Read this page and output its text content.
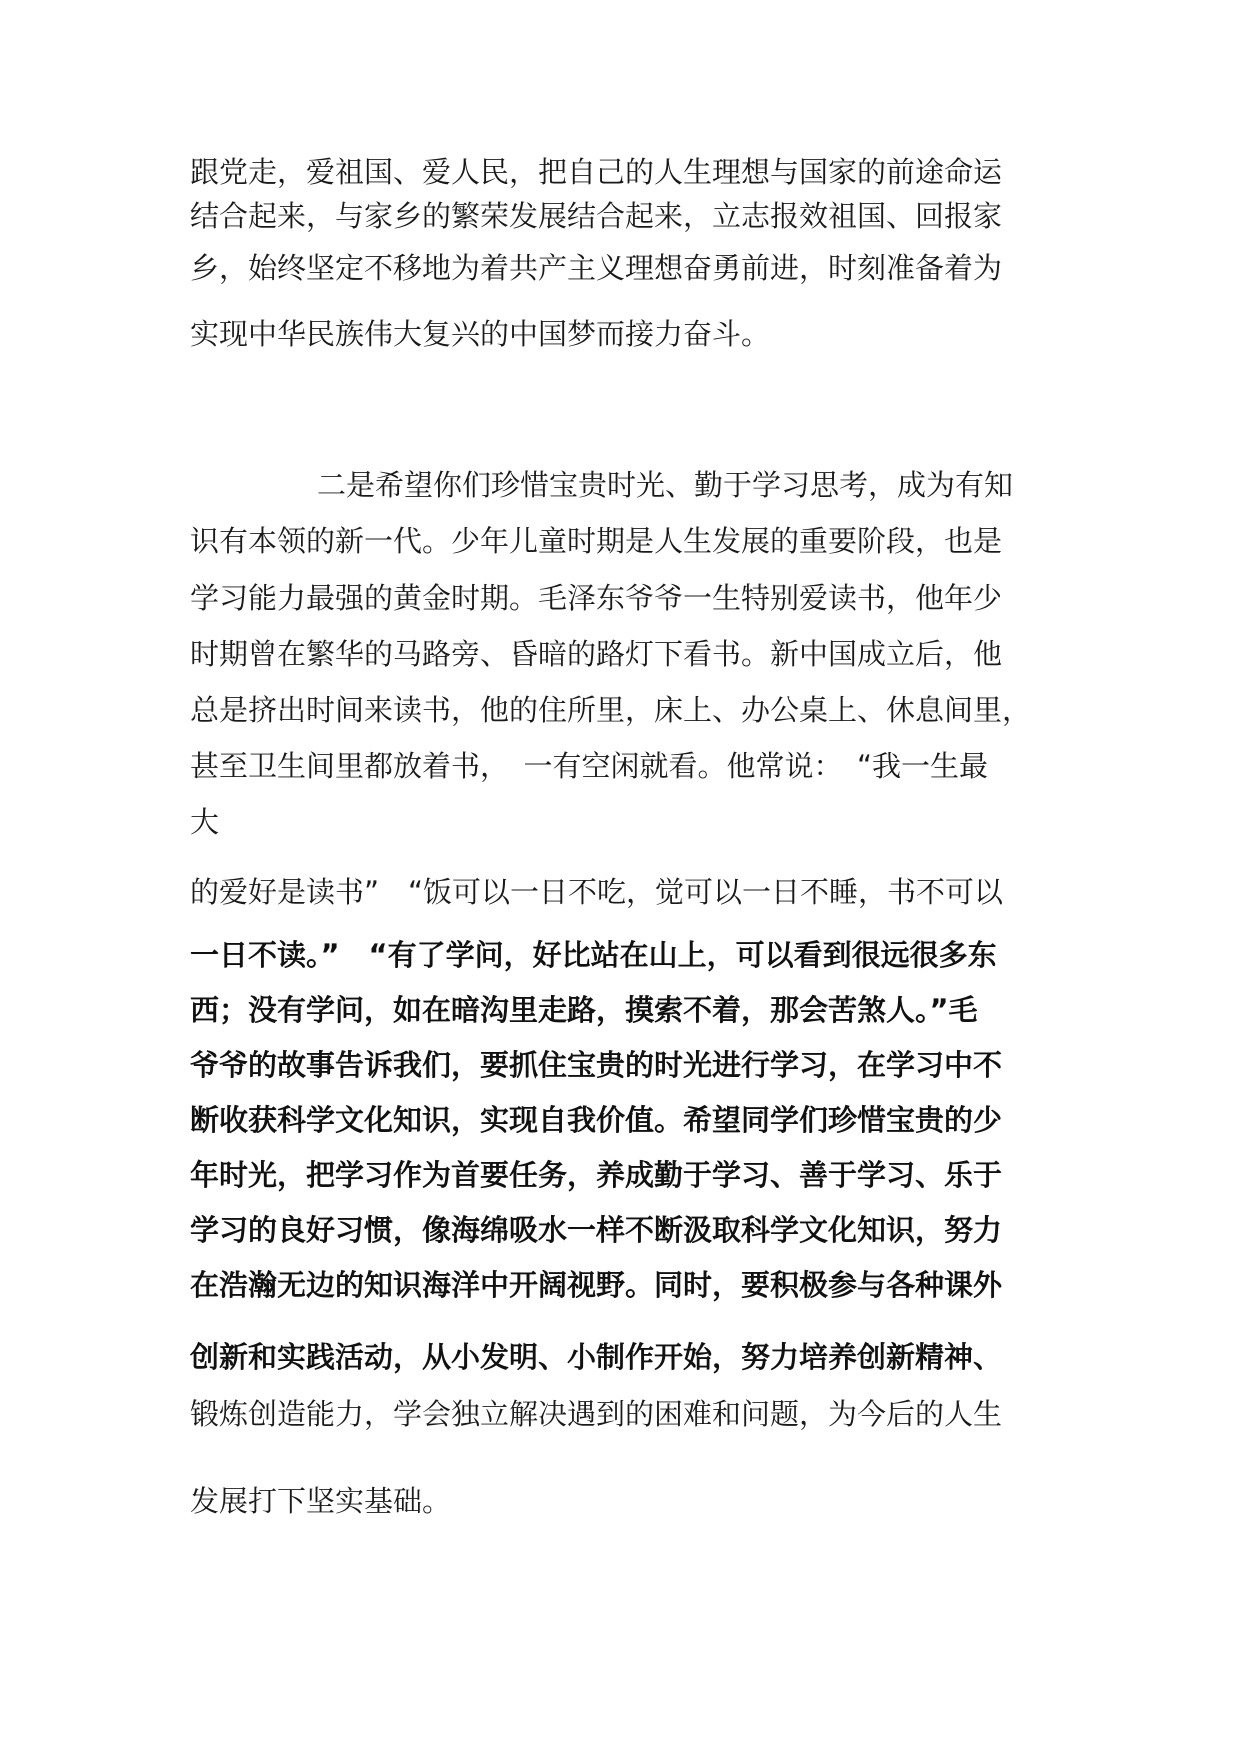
跟党走，爱祖国、爱人民，把自己的人生理想与国家的前途命运
结合起来，与家乡的繁荣发展结合起来，立志报效祖国、回报家
乡，始终坚定不移地为着共产主义理想奋勇前进，时刻准备着为
实现中华民族伟大复兴的中国梦而接力奋斗。
二是希望你们珍惜宝贵时光、勤于学习思考，成为有知
识有本领的新一代。少年儿童时期是人生发展的重要阶段，也是
学习能力最强的黄金时期。毛泽东爷爷一生特别爱读书，他年少
时期曾在繁华的马路旁、昏暗的路灯下看书。新中国成立后，他
总是挤出时间来读书，他的住所里，床上、办公桌上、休息间里，
甚至卫生间里都放着书，　一有空闲就看。他常说：　“我一生最
大
的爱好是读书”　“饭可以一日不吃，觉可以一日不睡，书不可以
一日不读。”　“有了学问，好比站在山上，可以看到很远很多东
西；没有学问，如在暗沟里走路，摸索不着，那会苦煞人。”毛
爷爷的故事告诉我们，要抓住宝贵的时光进行学习，在学习中不
断收获科学文化知识，实现自我价值。希望同学们珍惜宝贵的少
年时光，把学习作为首要任务，养成勤于学习、善于学习、乐于
学习的良好习惯，像海绵吸水一样不断汲取科学文化知识，努力
在浩瀚无边的知识海洋中开阔视野。同时，要积极参与各种课外
创新和实践活动，从小发明、小制作开始，努力培养创新精神、
锻炼创造能力，学会独立解决遇到的困难和问题，为今后的人生
发展打下坚实基础。
